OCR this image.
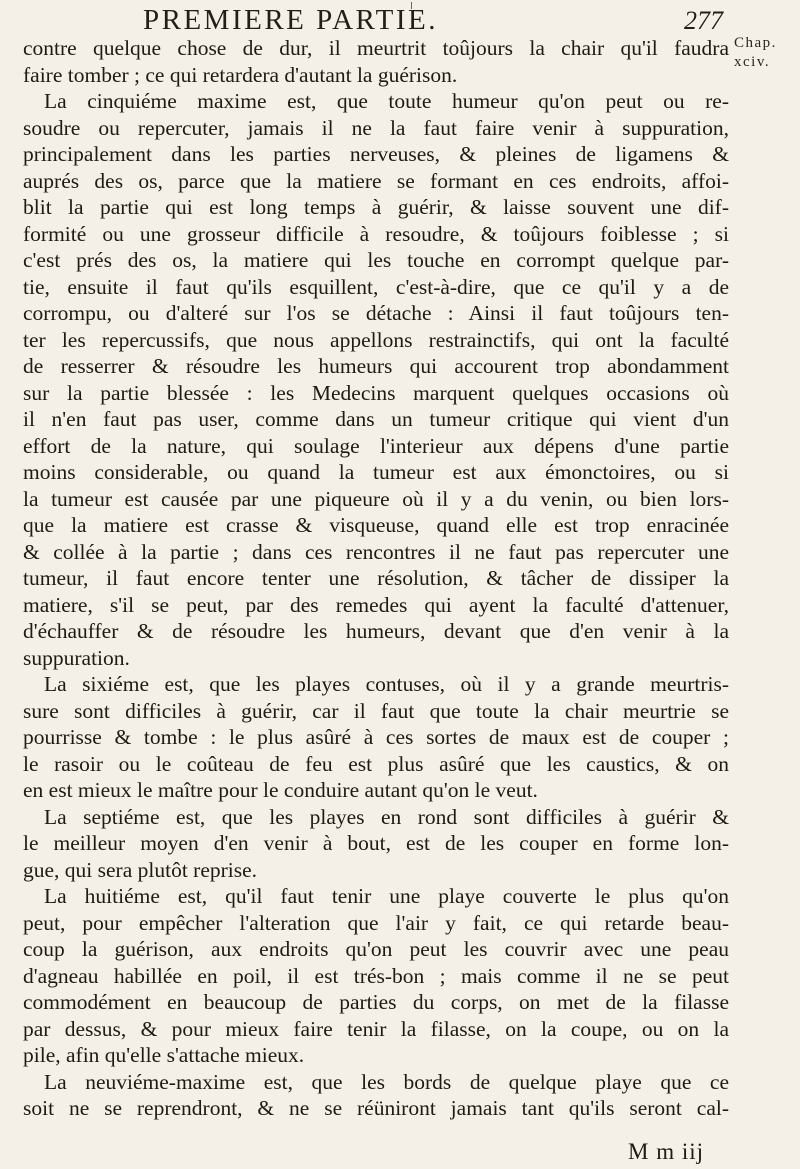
PREMIERE PARTIE.	277
Chap.
xciv.
contre quelque chose de dur, il meurtrit toûjours la chair qu'il faudra
faire tomber ; ce qui retardera d'autant la guérison.
La cinquiéme maxime est, que toute humeur qu'on peut ou re-
soudre ou repercuter, jamais il ne la faut faire venir à suppuration,
principalement dans les parties nerveuses, & pleines de ligamens &
auprés des os, parce que la matiere se formant en ces endroits, affoi-
blit la partie qui est long temps à guérir, & laisse souvent une dif-
formité ou une grosseur difficile à resoudre, & toûjours foiblesse ; si
c'est prés des os, la matiere qui les touche en corrompt quelque par-
tie, ensuite il faut qu'ils esquillent, c'est-à-dire, que ce qu'il y a de
corrompu, ou d'alteré sur l'os se détache : Ainsi il faut toûjours ten-
ter les repercussifs, que nous appellons restrainctifs, qui ont la faculté
de resserrer & résoudre les humeurs qui accourent trop abondamment
sur la partie blessée : les Medecins marquent quelques occasions où
il n'en faut pas user, comme dans un tumeur critique qui vient d'un
effort de la nature, qui soulage l'interieur aux dépens d'une partie
moins considerable, ou quand la tumeur est aux émonctoires, ou si
la tumeur est causée par une piqueure où il y a du venin, ou bien lors-
que la matiere est crasse & visqueuse, quand elle est trop enracinée
& collée à la partie ; dans ces rencontres il ne faut pas repercuter une
tumeur, il faut encore tenter une résolution, & tâcher de dissiper la
matiere, s'il se peut, par des remedes qui ayent la faculté d'attenuer,
d'échauffer & de résoudre les humeurs, devant que d'en venir à la
suppuration.
La sixiéme est, que les playes contuses, où il y a grande meurtris-
sure sont difficiles à guérir, car il faut que toute la chair meurtrie se
pourrisse & tombe : le plus asûré à ces sortes de maux est de couper ;
le rasoir ou le coûteau de feu est plus asûré que les caustics, & on
en est mieux le maître pour le conduire autant qu'on le veut.
La septiéme est, que les playes en rond sont difficiles à guérir &
le meilleur moyen d'en venir à bout, est de les couper en forme lon-
gue, qui sera plutôt reprise.
La huitiéme est, qu'il faut tenir une playe couverte le plus qu'on
peut, pour empêcher l'alteration que l'air y fait, ce qui retarde beau-
coup la guérison, aux endroits qu'on peut les couvrir avec une peau
d'agneau habillée en poil, il est trés-bon ; mais comme il ne se peut
commodément en beaucoup de parties du corps, on met de la filasse
par dessus, & pour mieux faire tenir la filasse, on la coupe, ou on la
pile, afin qu'elle s'attache mieux.
La neuviéme-maxime est, que les bords de quelque playe que ce
soit ne se reprendront, & ne se réüniront jamais tant qu'ils seront cal-
M m iij
